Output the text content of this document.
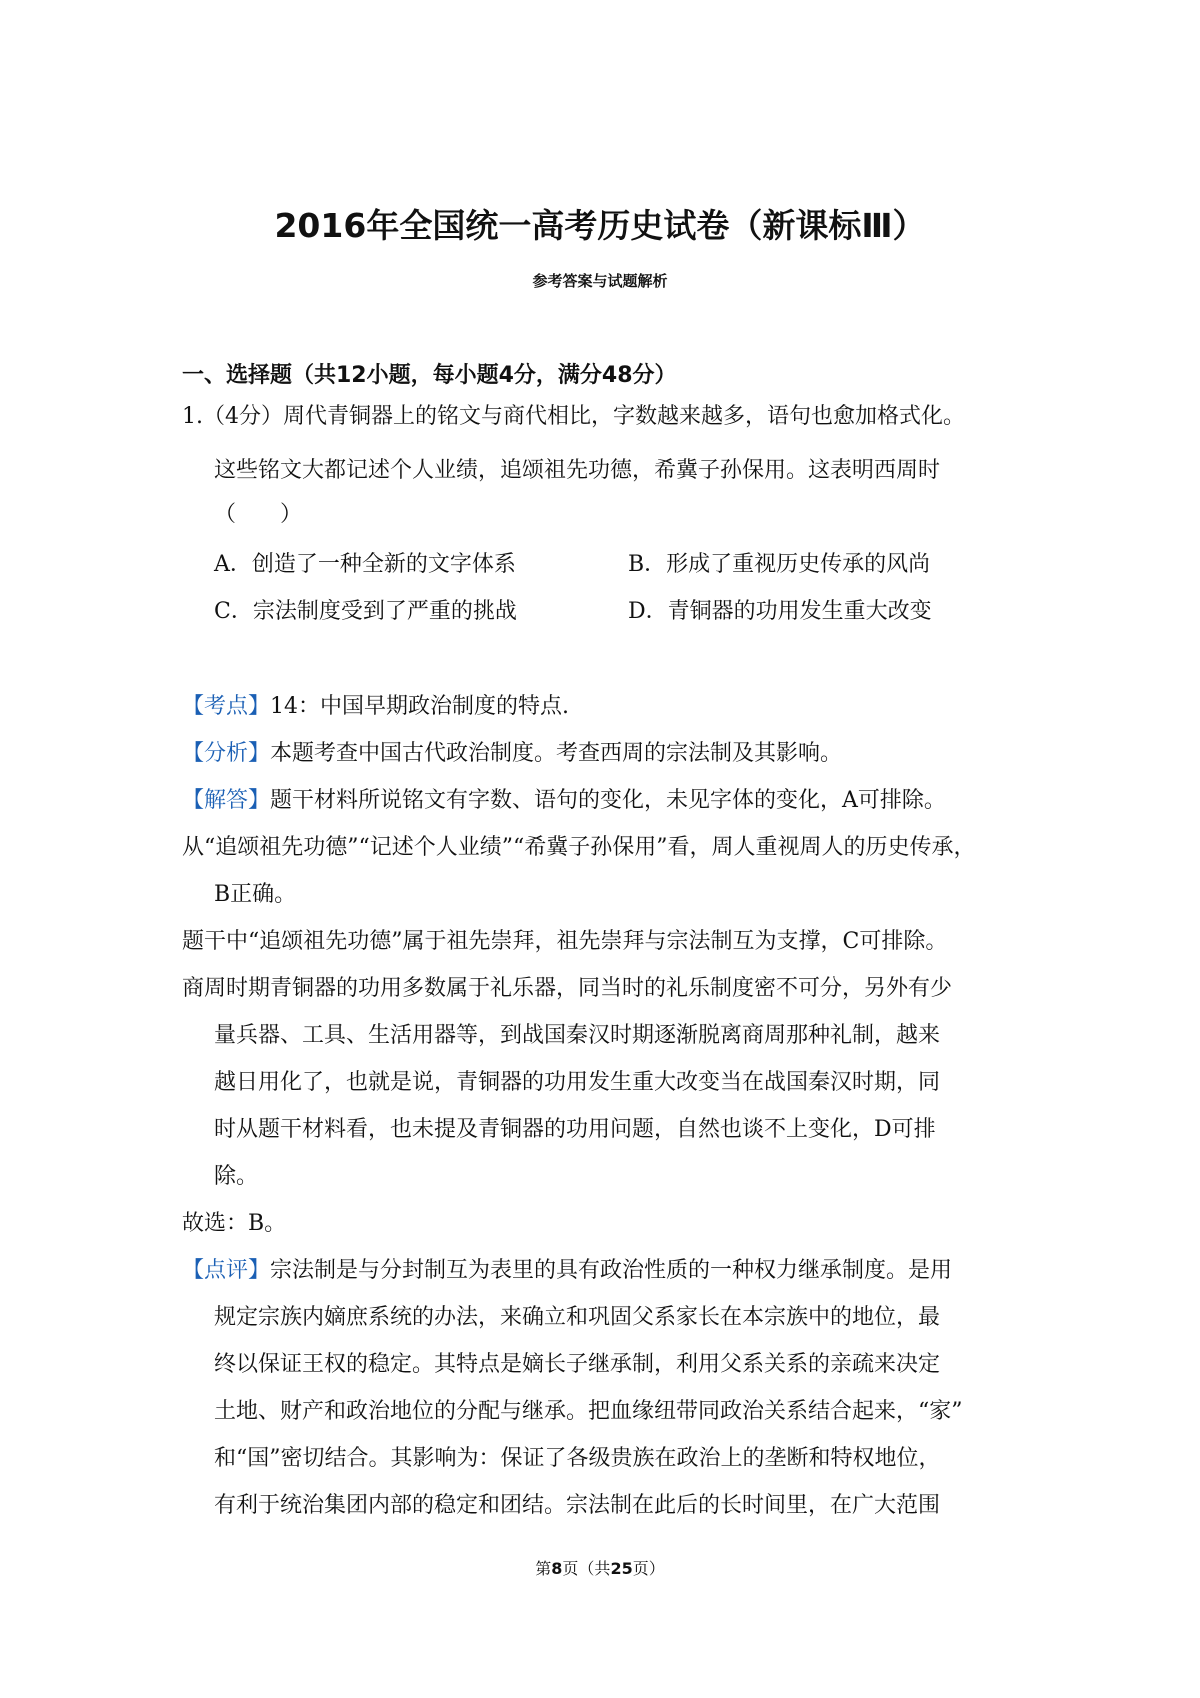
2016年全国统一高考历史试卷（新课标Ⅲ）
参考答案与试题解析
一、选择题（共12小题，每小题4分，满分48分）
1.（4分）周代青铜器上的铭文与商代相比，字数越来越多，语句也愈加格式化。
这些铭文大都记述个人业绩，追颂祖先功德，希冀子孙保用。这表明西周时
（　　）
A．创造了一种全新的文字体系	B．形成了重视历史传承的风尚
C．宗法制度受到了严重的挑战	D．青铜器的功用发生重大改变
【考点】14：中国早期政治制度的特点.
【分析】本题考查中国古代政治制度。考查西周的宗法制及其影响。
【解答】题干材料所说铭文有字数、语句的变化，未见字体的变化，A可排除。
从“追颂祖先功德”“记述个人业绩”“希冀子孙保用”看，周人重视周人的历史传承，
B正确。
题干中“追颂祖先功德”属于祖先崇拜，祖先崇拜与宗法制互为支撑，C可排除。
商周时期青铜器的功用多数属于礼乐器，同当时的礼乐制度密不可分，另外有少
量兵器、工具、生活用器等，到战国秦汉时期逐渐脱离商周那种礼制，越来
越日用化了，也就是说，青铜器的功用发生重大改变当在战国秦汉时期，同
时从题干材料看，也未提及青铜器的功用问题，自然也谈不上变化，D可排
除。
故选：B。
【点评】宗法制是与分封制互为表里的具有政治性质的一种权力继承制度。是用
规定宗族内嫡庶系统的办法，来确立和巩固父系家长在本宗族中的地位，最
终以保证王权的稳定。其特点是嫡长子继承制，利用父系关系的亲疏来决定
土地、财产和政治地位的分配与继承。把血缘纽带同政治关系结合起来，“家”
和“国”密切结合。其影响为：保证了各级贵族在政治上的垄断和特权地位，
有利于统治集团内部的稳定和团结。宗法制在此后的长时间里，在广大范围
第8页（共25页）
